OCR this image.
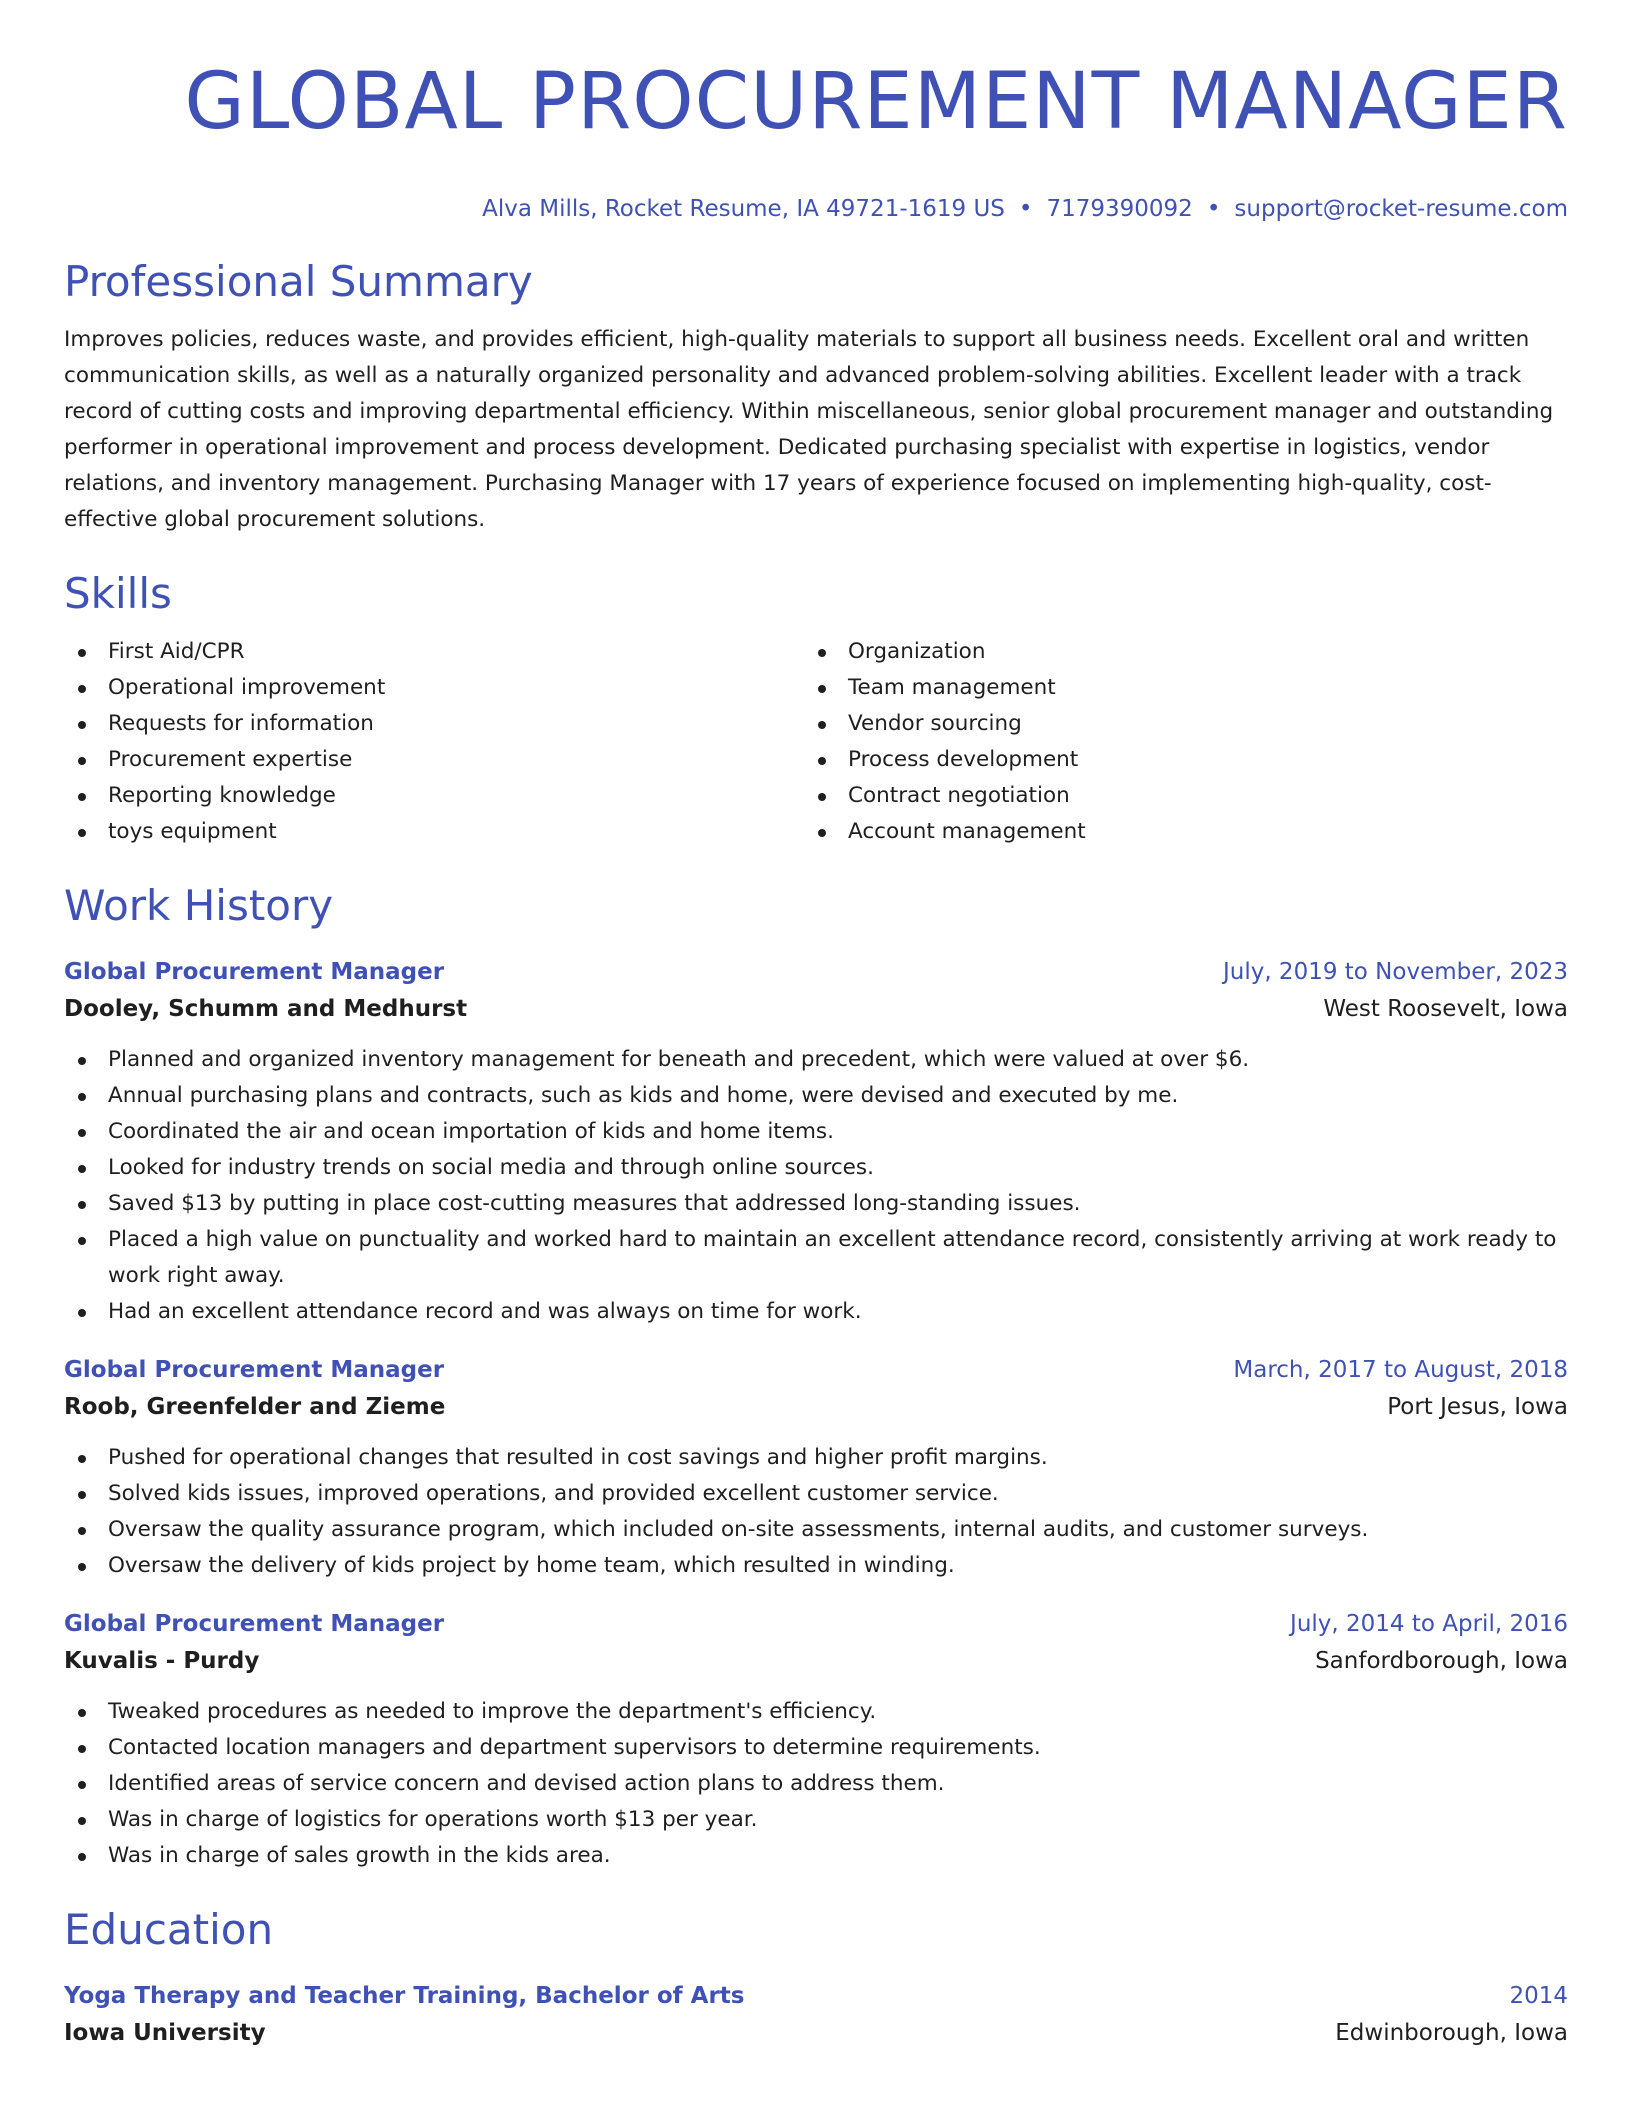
GLOBAL PROCUREMENT MANAGER
Alva Mills, Rocket Resume, IA 49721-1619 US • 7179390092 • support@rocket-resume.com
Professional Summary

Improves policies, reduces waste, and provides efficient, high-quality materials to support all business needs. Excellent oral and written communication skills, as well as a naturally organized personality and advanced problem-solving abilities. Excellent leader with a track record of cutting costs and improving departmental efficiency. Within miscellaneous, senior global procurement manager and outstanding performer in operational improvement and process development. Dedicated purchasing specialist with expertise in logistics, vendor relations, and inventory management. Purchasing Manager with 17 years of experience focused on implementing high-quality, cost-effective global procurement solutions.

Skills
First Aid/CPR
Operational improvement
Requests for information
Procurement expertise
Reporting knowledge
toys equipment
Organization
Team management
Vendor sourcing
Process development
Contract negotiation
Account management
Work History
Global Procurement Manager	July, 2019 to November, 2023
Dooley, Schumm and Medhurst	West Roosevelt, Iowa
Planned and organized inventory management for beneath and precedent, which were valued at over $6.
Annual purchasing plans and contracts, such as kids and home, were devised and executed by me.
Coordinated the air and ocean importation of kids and home items.
Looked for industry trends on social media and through online sources.
Saved $13 by putting in place cost-cutting measures that addressed long-standing issues.
Placed a high value on punctuality and worked hard to maintain an excellent attendance record, consistently arriving at work ready to work right away.
Had an excellent attendance record and was always on time for work.
Global Procurement Manager	March, 2017 to August, 2018
Roob, Greenfelder and Zieme	Port Jesus, Iowa
Pushed for operational changes that resulted in cost savings and higher profit margins.
Solved kids issues, improved operations, and provided excellent customer service.
Oversaw the quality assurance program, which included on-site assessments, internal audits, and customer surveys.
Oversaw the delivery of kids project by home team, which resulted in winding.
Global Procurement Manager	July, 2014 to April, 2016
Kuvalis - Purdy	Sanfordborough, Iowa
Tweaked procedures as needed to improve the department's efficiency.
Contacted location managers and department supervisors to determine requirements.
Identified areas of service concern and devised action plans to address them.
Was in charge of logistics for operations worth $13 per year.
Was in charge of sales growth in the kids area.
Education
Yoga Therapy and Teacher Training, Bachelor of Arts	2014
Iowa University	Edwinborough, Iowa
